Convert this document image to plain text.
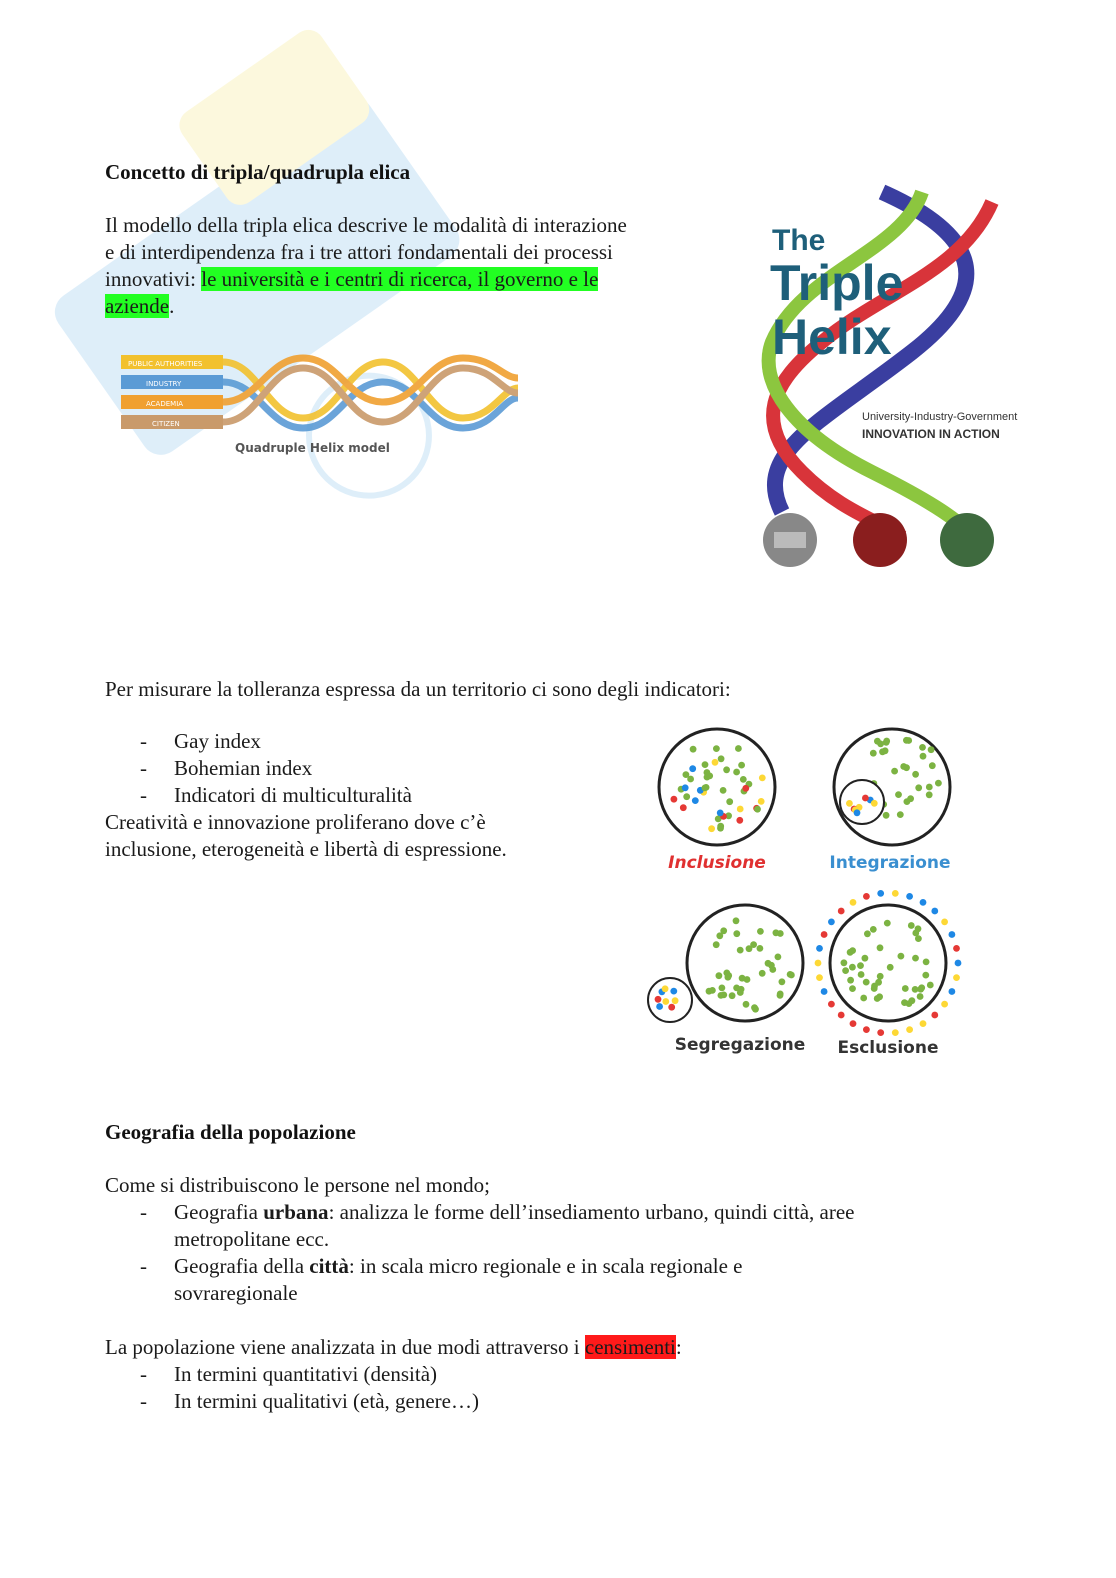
Concetto di tripla/quadrupla elica
Il modello della tripla elica descrive le modalità di interazione
e di interdipendenza fra i tre attori fondamentali dei processi
innovativi: le università e i centri di ricerca, il governo e le
aziende.
PUBLIC AUTHORITIES
INDUSTRY
ACADEMIA
CITIZEN
Quadruple Helix model
The
Triple
Helix
University-Industry-Government
INNOVATION IN ACTION
Per misurare la tolleranza espressa da un territorio ci sono degli indicatori:
- Gay index
- Bohemian index
- Indicatori di multiculturalità
Creatività e innovazione proliferano dove c’è
inclusione, eterogeneità e libertà di espressione.
Inclusione	Integrazione
Segregazione Esclusione
Geografia della popolazione
Come si distribuiscono le persone nel mondo;
- Geografia urbana: analizza le forme dell’insediamento urbano, quindi città, aree
metropolitane ecc.
- Geografia della città: in scala micro regionale e in scala regionale e
sovraregionale
La popolazione viene analizzata in due modi attraverso i censimenti:
- In termini quantitativi (densità)
- In termini qualitativi (età, genere…)
